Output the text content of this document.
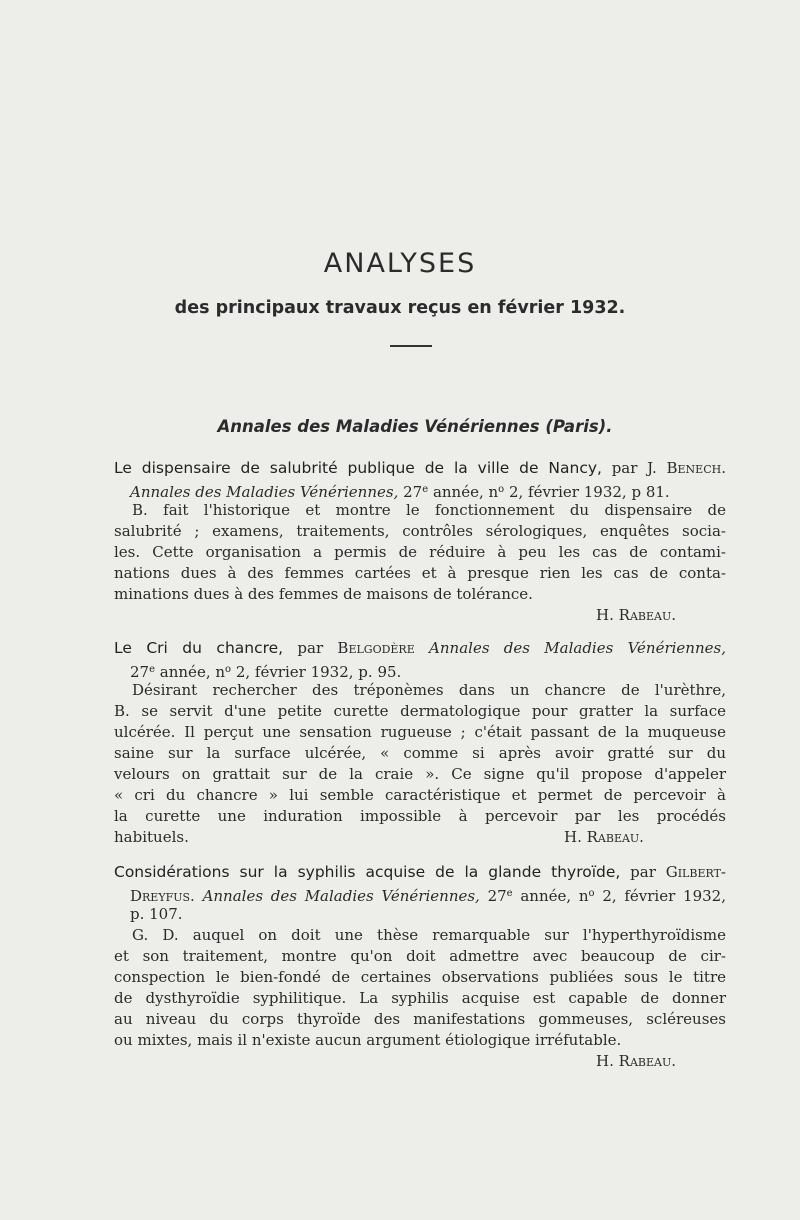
ANALYSES
des principaux travaux reçus en février 1932.
Annales des Maladies Vénériennes (Paris).
Le dispensaire de salubrité publique de la ville de Nancy, par J. Benech.
Annales des Maladies Vénériennes, 27e année, $n^o$ 2, février 1932, p 81.
B. fait l'historique et montre le fonctionnement du dispensaire de
salubrité ; examens, traitements, contrôles sérologiques, enquêtes socia-
les. Cette organisation a permis de réduire à peu les cas de contami-
nations dues à des femmes cartées et à presque rien les cas de conta-
minations dues à des femmes de maisons de tolérance.
H. Rabeau.
Le Cri du chancre, par Belgodère Annales des Maladies Vénériennes,
27e année, $n^o$ 2, février 1932, p. 95.
Désirant rechercher des tréponèmes dans un chancre de l'urèthre,
B. se servit d'une petite curette dermatologique pour gratter la surface
ulcérée. Il perçut une sensation rugueuse ; c'était passant de la muqueuse
saine sur la surface ulcérée, « comme si après avoir gratté sur du
velours on grattait sur de la craie ». Ce signe qu'il propose d'appeler
« cri du chancre » lui semble caractéristique et permet de percevoir à
la curette une induration impossible à percevoir par les procédés
habituels.	H. Rabeau.
Considérations sur la syphilis acquise de la glande thyroïde, par Gilbert-
Dreyfus. Annales des Maladies Vénériennes, 27e année, $n^o$ 2, février 1932,
p. 107.
G. D. auquel on doit une thèse remarquable sur l'hyperthyroïdisme
et son traitement, montre qu'on doit admettre avec beaucoup de cir-
conspection le bien-fondé de certaines observations publiées sous le titre
de dysthyroïdie syphilitique. La syphilis acquise est capable de donner
au niveau du corps thyroïde des manifestations gommeuses, scléreuses
ou mixtes, mais il n'existe aucun argument étiologique irréfutable.
H. Rabeau.
